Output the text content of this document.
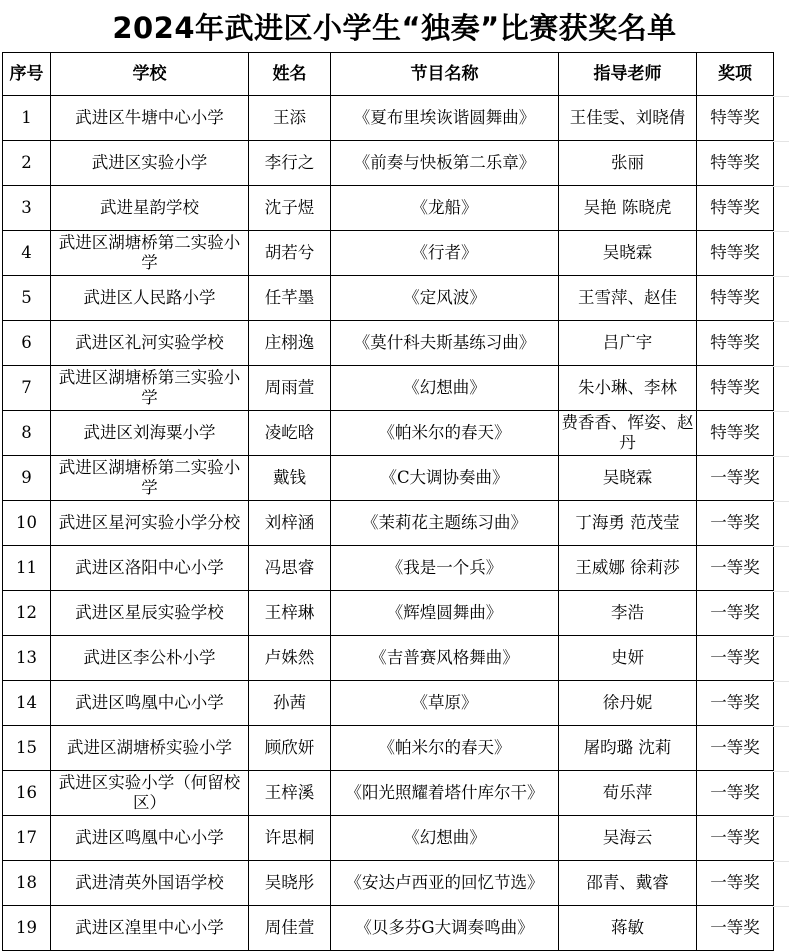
2024年武进区小学生“独奏”比赛获奖名单
序号	学校	姓名	节目名称	指导老师	奖项
1	武进区牛塘中心小学	王添	《夏布里埃诙谐圆舞曲》	王佳雯、刘晓倩	特等奖
2	武进区实验小学	李行之	《前奏与快板第二乐章》	张丽	特等奖
3	武进星韵学校	沈子煜	《龙船》	吴艳 陈晓虎	特等奖
4	武进区湖塘桥第二实验小学	胡若兮	《行者》	吴晓霖	特等奖
5	武进区人民路小学	任芊墨	《定风波》	王雪萍、赵佳	特等奖
6	武进区礼河实验学校	庄栩逸	《莫什科夫斯基练习曲》	吕广宇	特等奖
7	武进区湖塘桥第三实验小学	周雨萱	《幻想曲》	朱小琳、李林	特等奖
8	武进区刘海粟小学	凌屹晗	《帕米尔的春天》	费香香、恽姿、赵丹	特等奖
9	武进区湖塘桥第二实验小学	戴钱	《C大调协奏曲》	吴晓霖	一等奖
10	武进区星河实验小学分校	刘梓涵	《茉莉花主题练习曲》	丁海勇 范茂莹	一等奖
11	武进区洛阳中心小学	冯思睿	《我是一个兵》	王威娜 徐莉莎	一等奖
12	武进区星辰实验学校	王梓琳	《辉煌圆舞曲》	李浩	一等奖
13	武进区李公朴小学	卢姝然	《吉普赛风格舞曲》	史妍	一等奖
14	武进区鸣凰中心小学	孙茜	《草原》	徐丹妮	一等奖
15	武进区湖塘桥实验小学	顾欣妍	《帕米尔的春天》	屠昀璐 沈莉	一等奖
16	武进区实验小学（何留校区）	王梓溪	《阳光照耀着塔什库尔干》	荀乐萍	一等奖
17	武进区鸣凰中心小学	许思桐	《幻想曲》	吴海云	一等奖
18	武进清英外国语学校	吴晓彤	《安达卢西亚的回忆节选》	邵青、戴睿	一等奖
19	武进区湟里中心小学	周佳萱	《贝多芬G大调奏鸣曲》	蒋敏	一等奖
